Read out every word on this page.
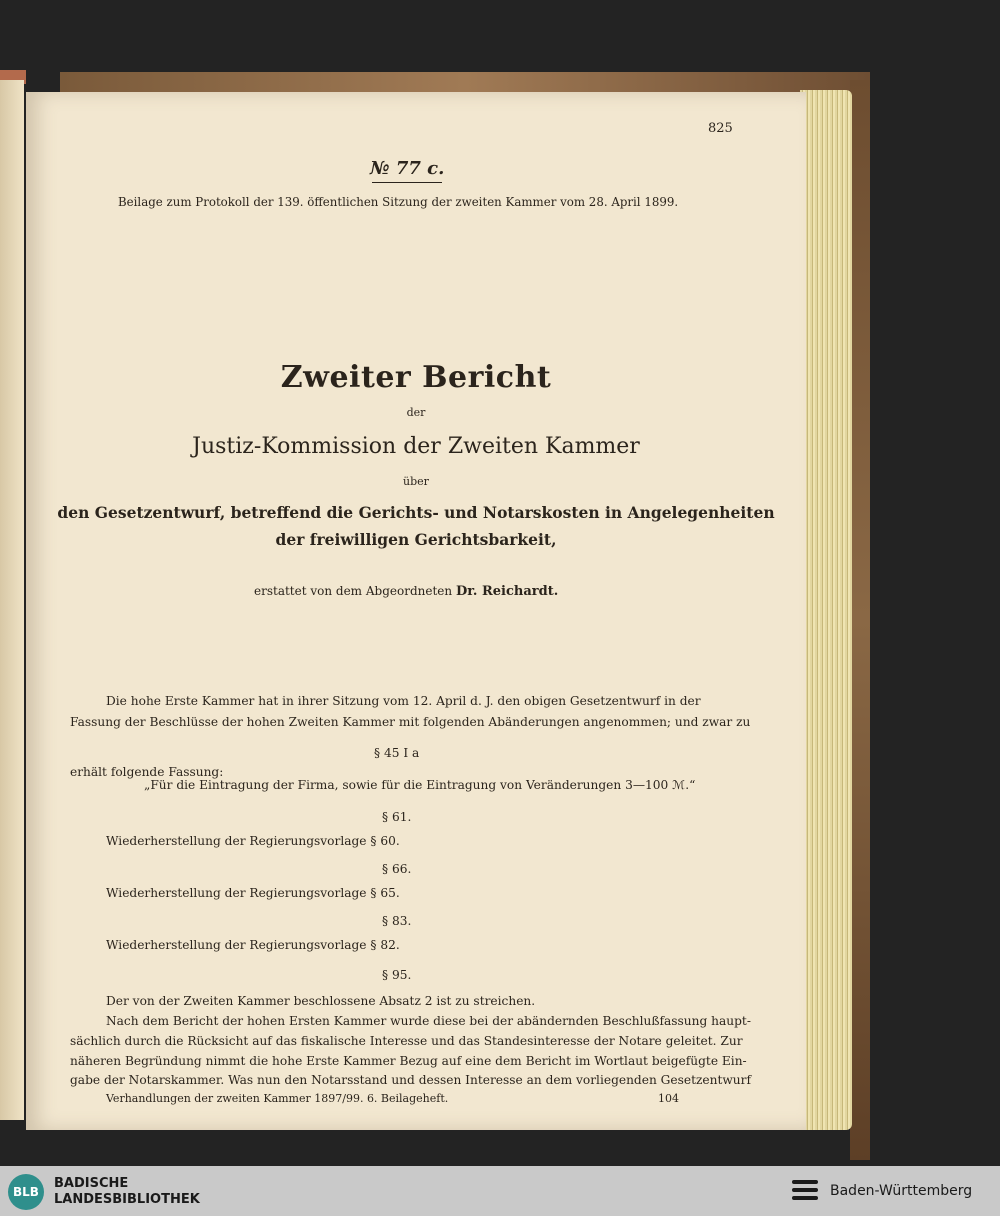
825
№ 77 c.
Beilage zum Protokoll der 139. öffentlichen Sitzung der zweiten Kammer vom 28. April 1899.
Zweiter Bericht
der
Justiz-Kommission der Zweiten Kammer
über
den Gesetzentwurf, betreffend die Gerichts- und Notarskosten in Angelegenheiten
der freiwilligen Gerichtsbarkeit,
erstattet von dem Abgeordneten Dr. Reichardt.
Die hohe Erste Kammer hat in ihrer Sitzung vom 12. April d. J. den obigen Gesetzentwurf in der
Fassung der Beschlüsse der hohen Zweiten Kammer mit folgenden Abänderungen angenommen; und zwar zu
§ 45 I a
erhält folgende Fassung:
„Für die Eintragung der Firma, sowie für die Eintragung von Veränderungen 3—100 ℳ.“
§ 61.
Wiederherstellung der Regierungsvorlage § 60.
§ 66.
Wiederherstellung der Regierungsvorlage § 65.
§ 83.
Wiederherstellung der Regierungsvorlage § 82.
§ 95.
Der von der Zweiten Kammer beschlossene Absatz 2 ist zu streichen.
Nach dem Bericht der hohen Ersten Kammer wurde diese bei der abändernden Beschlußfassung haupt-
sächlich durch die Rücksicht auf das fiskalische Interesse und das Standesinteresse der Notare geleitet. Zur
näheren Begründung nimmt die hohe Erste Kammer Bezug auf eine dem Bericht im Wortlaut beigefügte Ein-
gabe der Notarskammer. Was nun den Notarsstand und dessen Interesse an dem vorliegenden Gesetzentwurf
Verhandlungen der zweiten Kammer 1897/99. 6. Beilageheft.	104
BLB
BADISCHE
LANDESBIBLIOTHEK
Baden-Württemberg
